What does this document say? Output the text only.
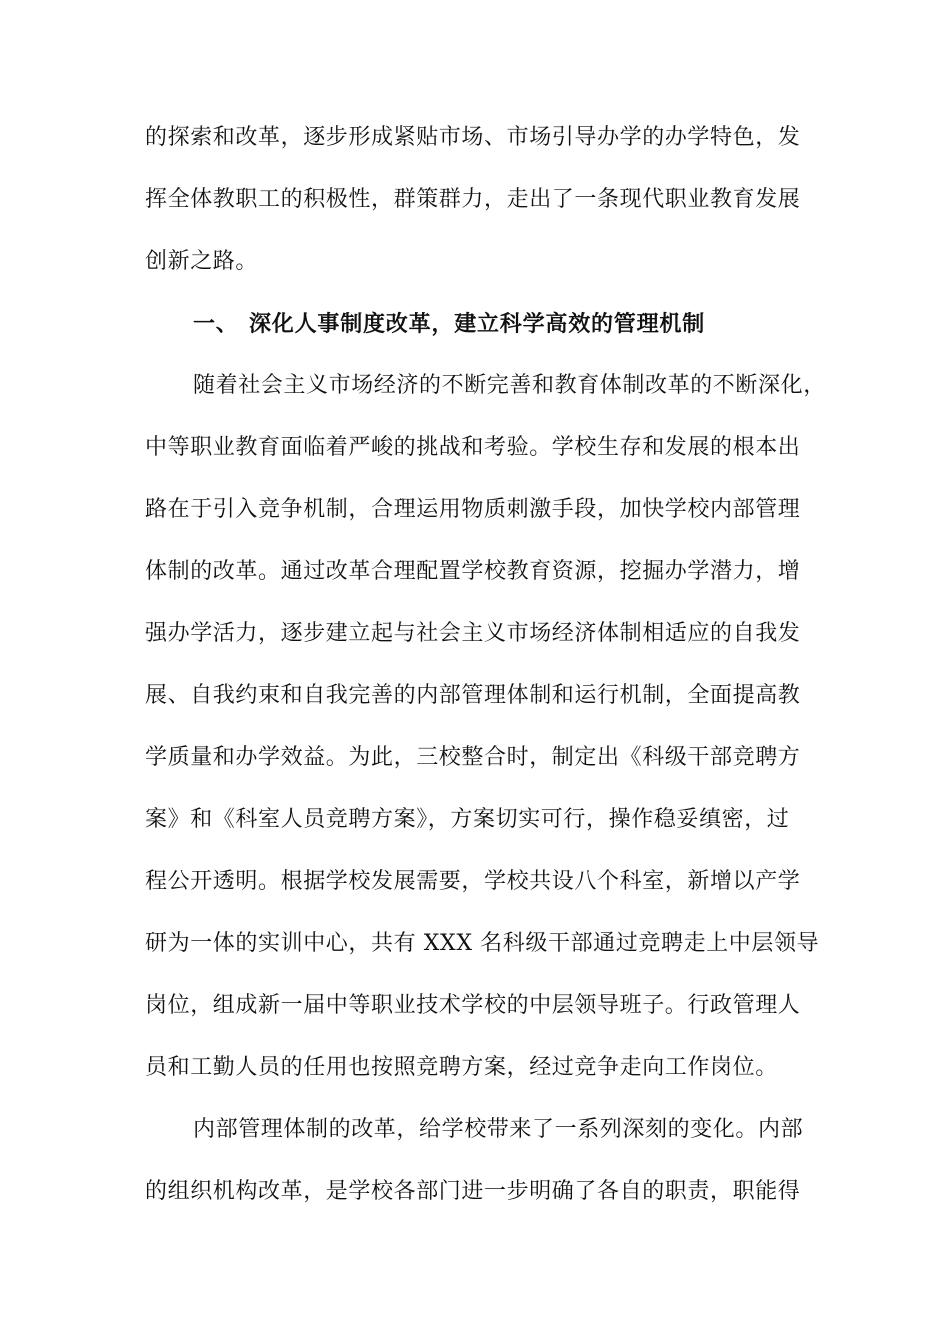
的探索和改革，逐步形成紧贴市场、市场引导办学的办学特色，发
挥全体教职工的积极性，群策群力，走出了一条现代职业教育发展
创新之路。
一、 深化人事制度改革，建立科学高效的管理机制
随着社会主义市场经济的不断完善和教育体制改革的不断深化，
中等职业教育面临着严峻的挑战和考验。学校生存和发展的根本出
路在于引入竞争机制，合理运用物质刺激手段，加快学校内部管理
体制的改革。通过改革合理配置学校教育资源，挖掘办学潜力，增
强办学活力，逐步建立起与社会主义市场经济体制相适应的自我发
展、自我约束和自我完善的内部管理体制和运行机制，全面提高教
学质量和办学效益。为此，三校整合时，制定出《科级干部竞聘方
案》和《科室人员竞聘方案》，方案切实可行，操作稳妥缜密，过
程公开透明。根据学校发展需要，学校共设八个科室，新增以产学
研为一体的实训中心，共有 XXX 名科级干部通过竞聘走上中层领导
岗位，组成新一届中等职业技术学校的中层领导班子。行政管理人
员和工勤人员的任用也按照竞聘方案，经过竞争走向工作岗位。
内部管理体制的改革，给学校带来了一系列深刻的变化。内部
的组织机构改革，是学校各部门进一步明确了各自的职责，职能得
